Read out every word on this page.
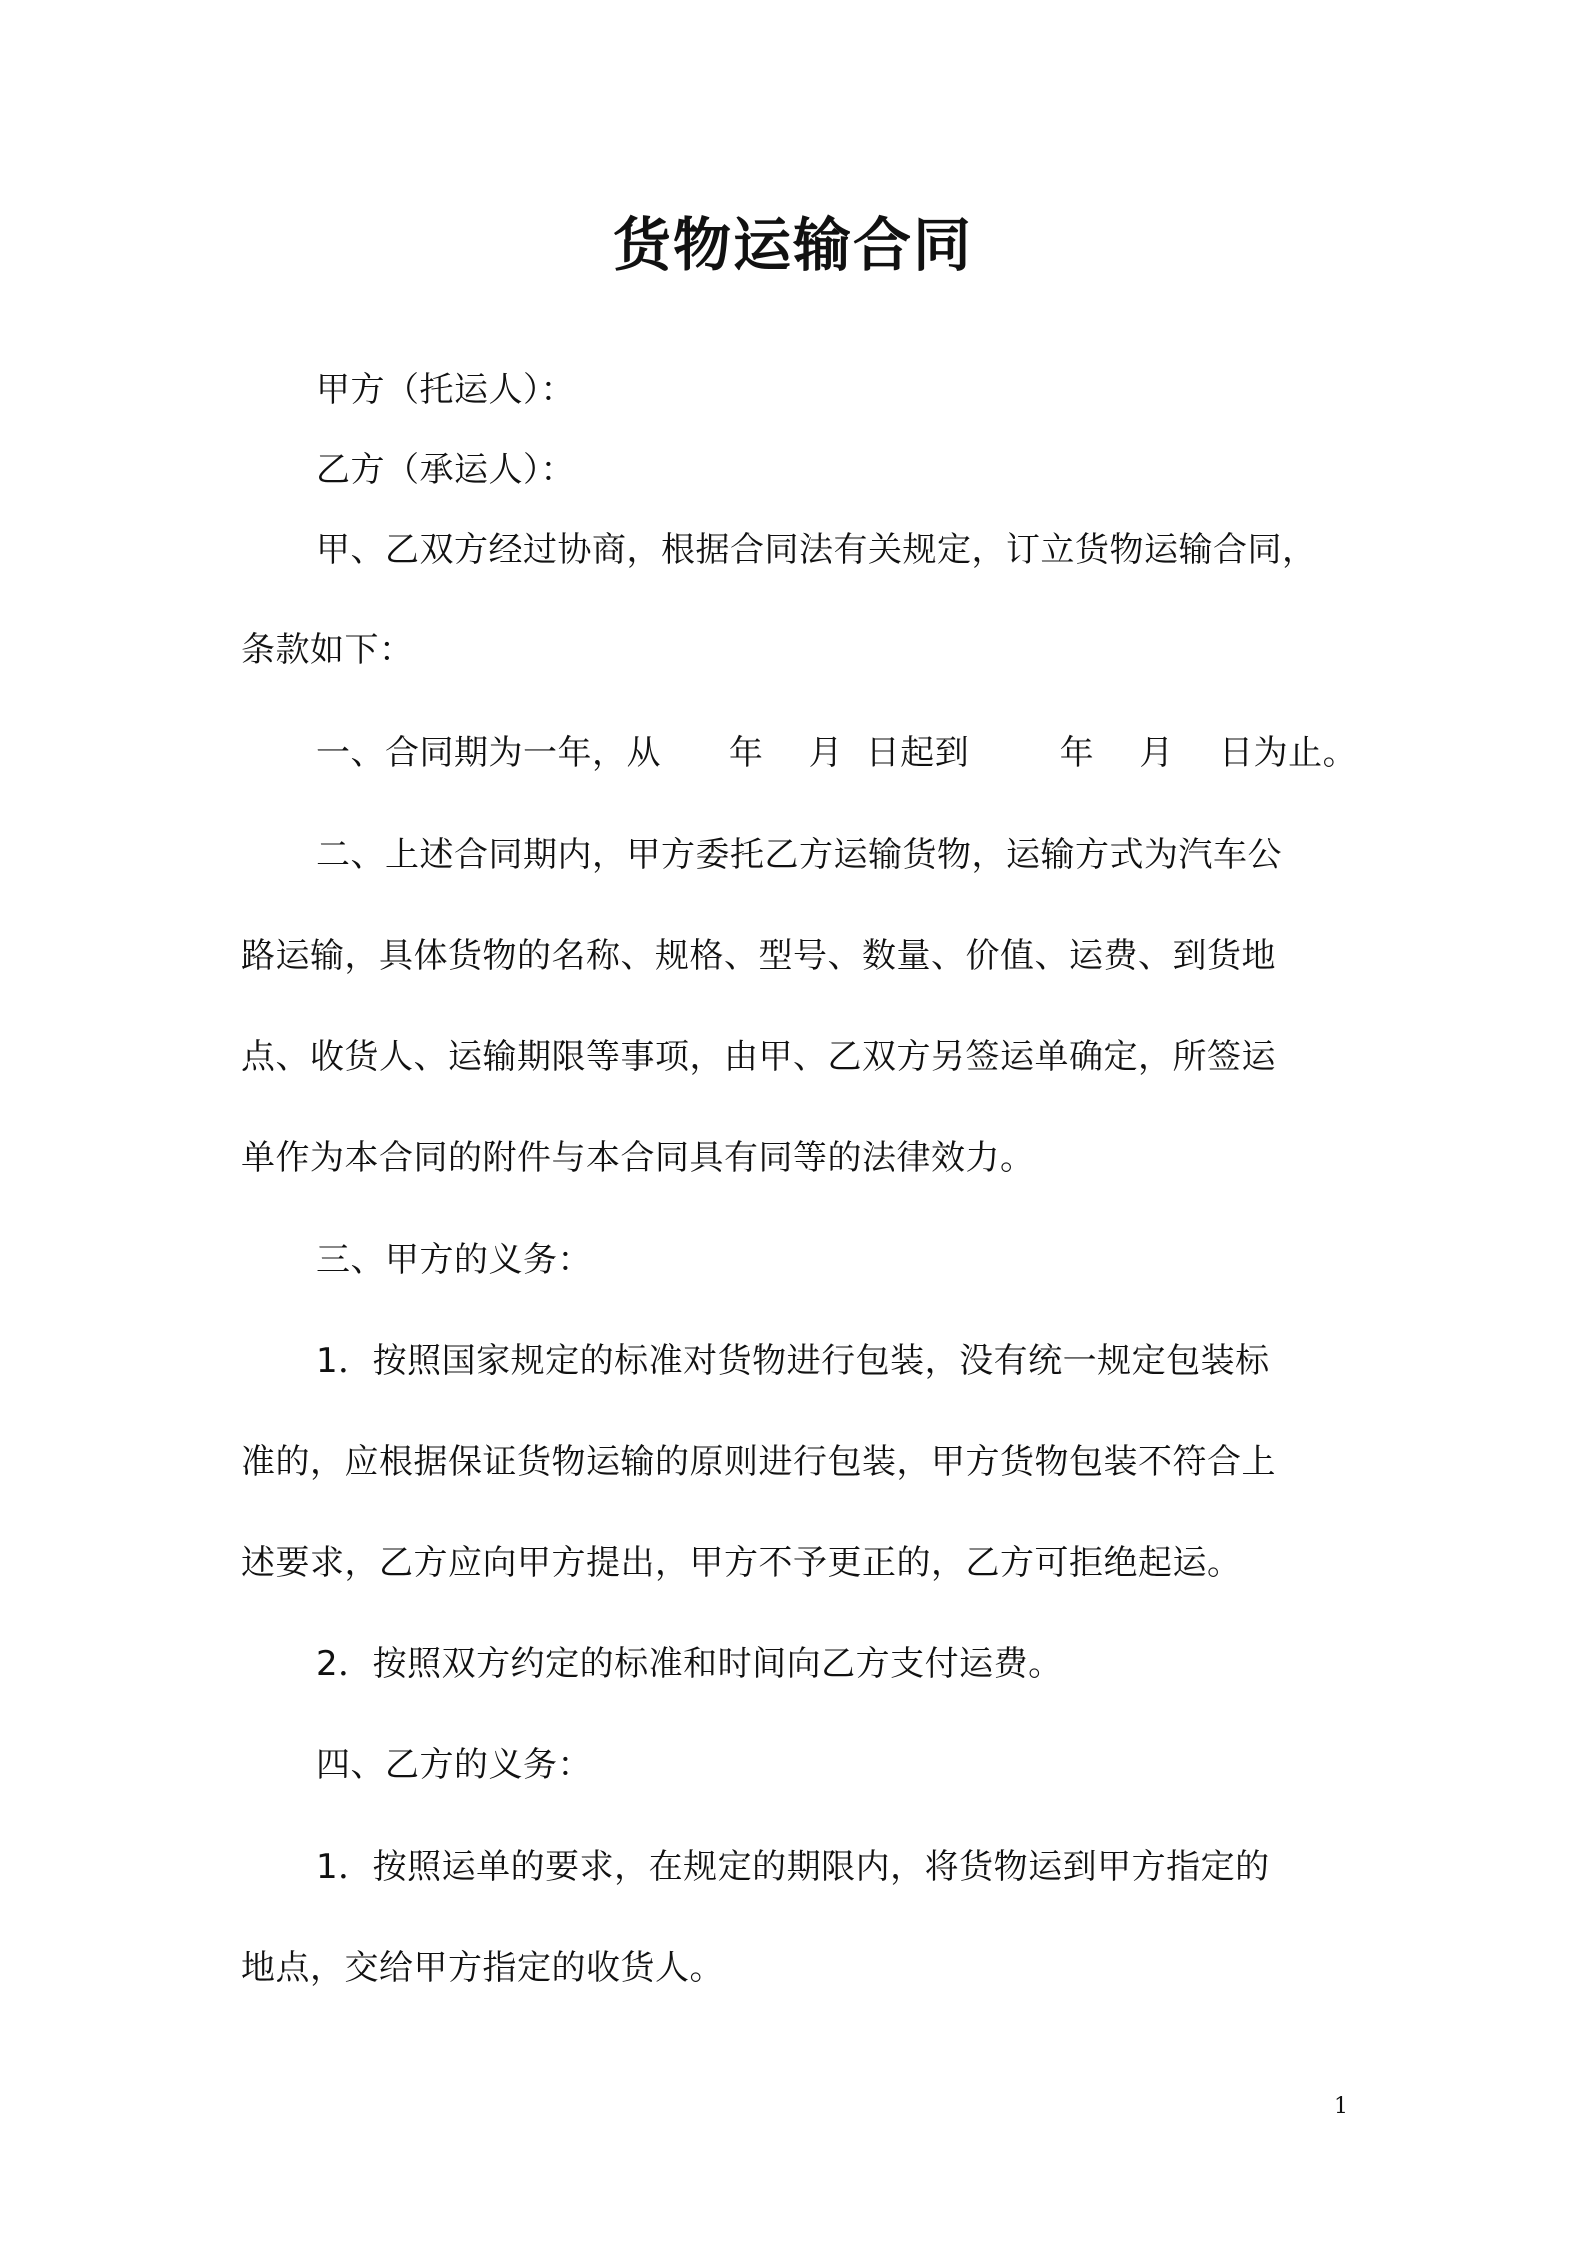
货物运输合同

甲方（托运人）：

乙方（承运人）：

甲、乙双方经过协商，根据合同法有关规定，订立货物运输合同，

条款如下：

一、合同期为一年，从      年    月  日起到        年    月    日为止。

二、上述合同期内，甲方委托乙方运输货物，运输方式为汽车公

路运输，具体货物的名称、规格、型号、数量、价值、运费、到货地

点、收货人、运输期限等事项，由甲、乙双方另签运单确定，所签运

单作为本合同的附件与本合同具有同等的法律效力。

三、甲方的义务：

1．按照国家规定的标准对货物进行包装，没有统一规定包装标

准的，应根据保证货物运输的原则进行包装，甲方货物包装不符合上

述要求，乙方应向甲方提出，甲方不予更正的，乙方可拒绝起运。

2．按照双方约定的标准和时间向乙方支付运费。

四、乙方的义务：

1．按照运单的要求，在规定的期限内，将货物运到甲方指定的

地点，交给甲方指定的收货人。

1
